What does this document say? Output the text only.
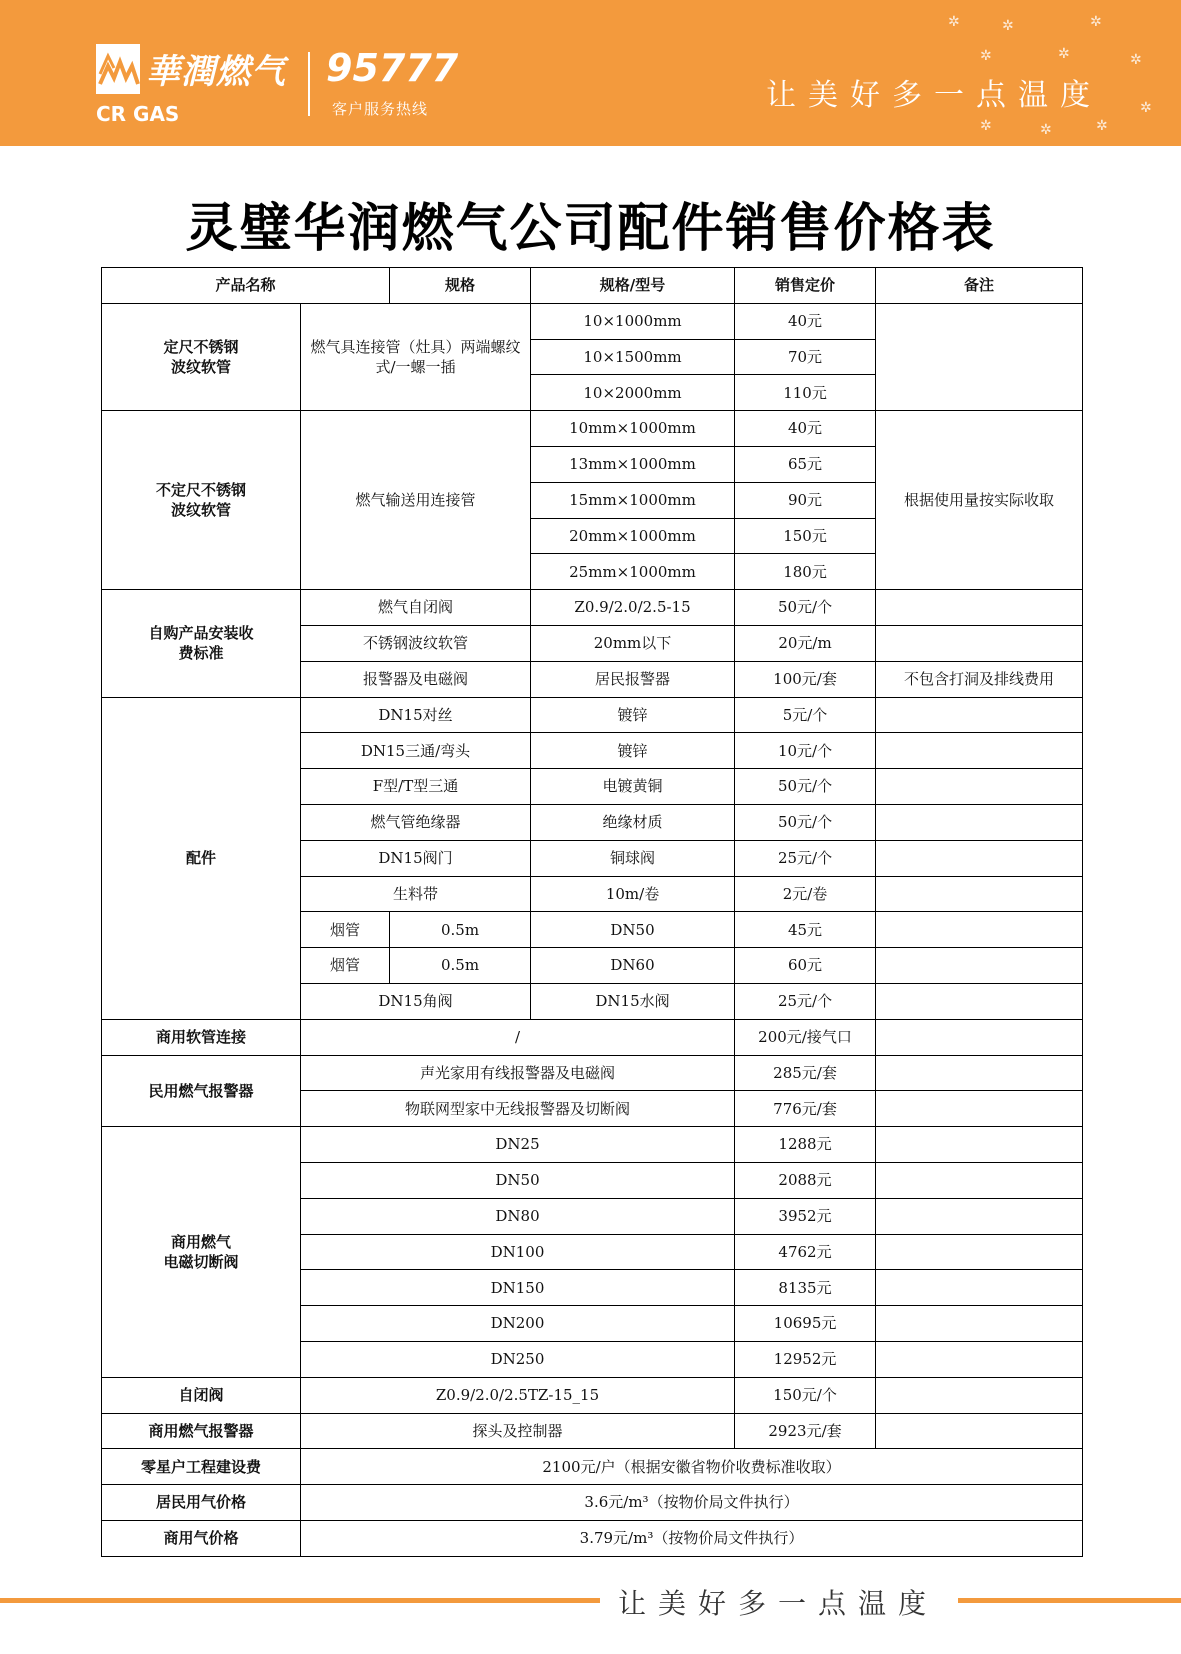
華潤燃气
CR GAS
95777
客户服务热线	让美好多一点温度
✲	✲	✲
✲	✲	✲
✲
✲
✲	✲
灵璧华润燃气公司配件销售价格表
产品名称		规格	规格/型号	销售定价	备注
定尺不锈钢
波纹软管	燃气具连接管（灶具）两端螺纹式/一螺一插		10×1000mm	40元	
			10×1500mm	70元	
			10×2000mm	110元	
不定尺不锈钢
波纹软管	燃气输送用连接管		10mm×1000mm	40元	根据使用量按实际收取
			13mm×1000mm	65元	
			15mm×1000mm	90元	
			20mm×1000mm	150元	
			25mm×1000mm	180元	
自购产品安装收
费标准	燃气自闭阀		Z0.9/2.0/2.5-15	50元/个	
	不锈钢波纹软管		20mm以下	20元/m	
	报警器及电磁阀		居民报警器	100元/套	不包含打洞及排线费用
配件	DN15对丝		镀锌	5元/个	
	DN15三通/弯头		镀锌	10元/个	
	F型/T型三通		电镀黄铜	50元/个	
	燃气管绝缘器		绝缘材质	50元/个	
	DN15阀门		铜球阀	25元/个	
	生料带		10m/卷	2元/卷	
	烟管	0.5m	DN50	45元	
	烟管	0.5m	DN60	60元	
	DN15角阀		DN15水阀	25元/个	
商用软管连接	/			200元/接气口	
民用燃气报警器	声光家用有线报警器及电磁阀			285元/套	
	物联网型家中无线报警器及切断阀			776元/套	
商用燃气
电磁切断阀	DN25			1288元	
	DN50			2088元	
	DN80			3952元	
	DN100			4762元	
	DN150			8135元	
	DN200			10695元	
	DN250			12952元	
自闭阀	Z0.9/2.0/2.5TZ-15_15			150元/个	
商用燃气报警器	探头及控制器			2923元/套	
零星户工程建设费	2100元/户（根据安徽省物价收费标准收取）				
居民用气价格	3.6元/m³（按物价局文件执行）				
商用气价格	3.79元/m³（按物价局文件执行）				
让美好多一点温度
